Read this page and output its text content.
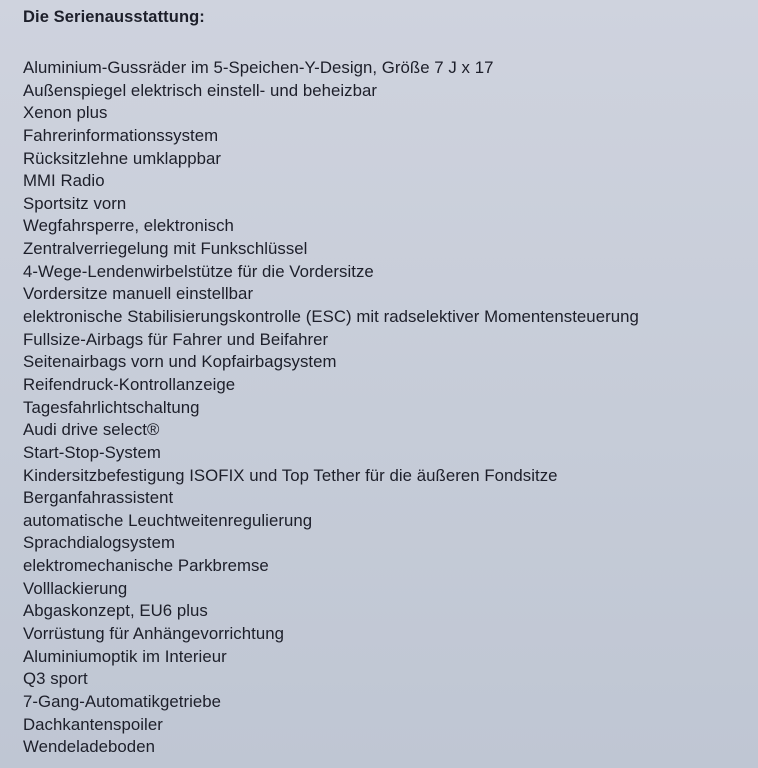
Die Serienausstattung:
Aluminium-Gussräder im 5-Speichen-Y-Design, Größe 7 J x 17
Außenspiegel elektrisch einstell- und beheizbar
Xenon plus
Fahrerinformationssystem
Rücksitzlehne umklappbar
MMI Radio
Sportsitz vorn
Wegfahrsperre, elektronisch
Zentralverriegelung mit Funkschlüssel
4-Wege-Lendenwirbelstütze für die Vordersitze
Vordersitze manuell einstellbar
elektronische Stabilisierungskontrolle (ESC) mit radselektiver Momentensteuerung
Fullsize-Airbags für Fahrer und Beifahrer
Seitenairbags vorn und Kopfairbagsystem
Reifendruck-Kontrollanzeige
Tagesfahrlichtschaltung
Audi drive select®
Start-Stop-System
Kindersitzbefestigung ISOFIX und Top Tether für die äußeren Fondsitze
Berganfahrassistent
automatische Leuchtweitenregulierung
Sprachdialogsystem
elektromechanische Parkbremse
Volllackierung
Abgaskonzept, EU6 plus
Vorrüstung für Anhängevorrichtung
Aluminiumoptik im Interieur
Q3 sport
7-Gang-Automatikgetriebe
Dachkantenspoiler
Wendeladeboden
